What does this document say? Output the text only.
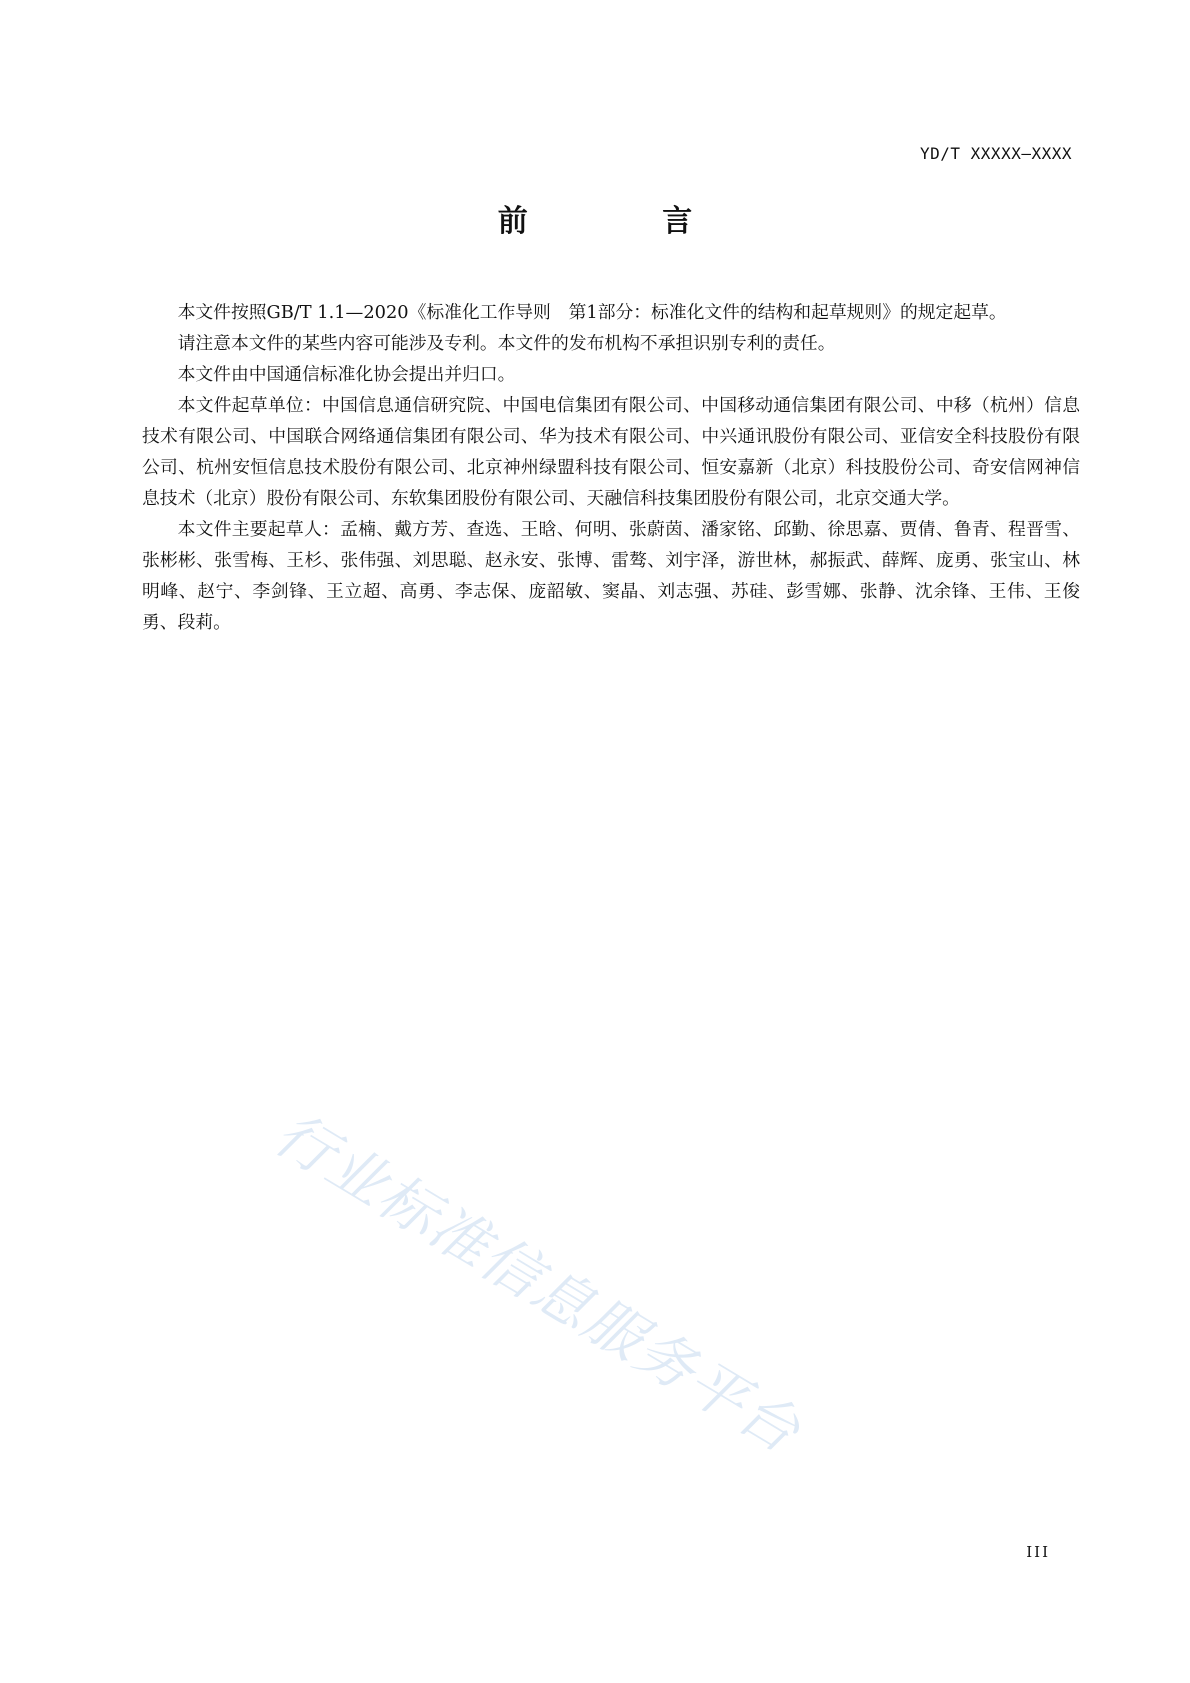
YD/T XXXXX—XXXX
前 言

本文件按照GB/T 1.1—2020《标准化工作导则　第1部分：标准化文件的结构和起草规则》的规定起草。

请注意本文件的某些内容可能涉及专利。本文件的发布机构不承担识别专利的责任。

本文件由中国通信标准化协会提出并归口。

本文件起草单位：中国信息通信研究院、中国电信集团有限公司、中国移动通信集团有限公司、中移（杭州）信息技术有限公司、中国联合网络通信集团有限公司、华为技术有限公司、中兴通讯股份有限公司、亚信安全科技股份有限公司、杭州安恒信息技术股份有限公司、北京神州绿盟科技有限公司、恒安嘉新（北京）科技股份公司、奇安信网神信息技术（北京）股份有限公司、东软集团股份有限公司、天融信科技集团股份有限公司，北京交通大学。

本文件主要起草人：孟楠、戴方芳、查选、王晗、何明、张蔚茵、潘家铭、邱勤、徐思嘉、贾倩、鲁青、程晋雪、张彬彬、张雪梅、王杉、张伟强、刘思聪、赵永安、张博、雷骜、刘宇泽，游世林，郝振武、薛辉、庞勇、张宝山、林明峰、赵宁、李剑锋、王立超、高勇、李志保、庞韶敏、窦晶、刘志强、苏硅、彭雪娜、张静、沈余锋、王伟、王俊勇、段莉。

行业标准信息服务平台
III
